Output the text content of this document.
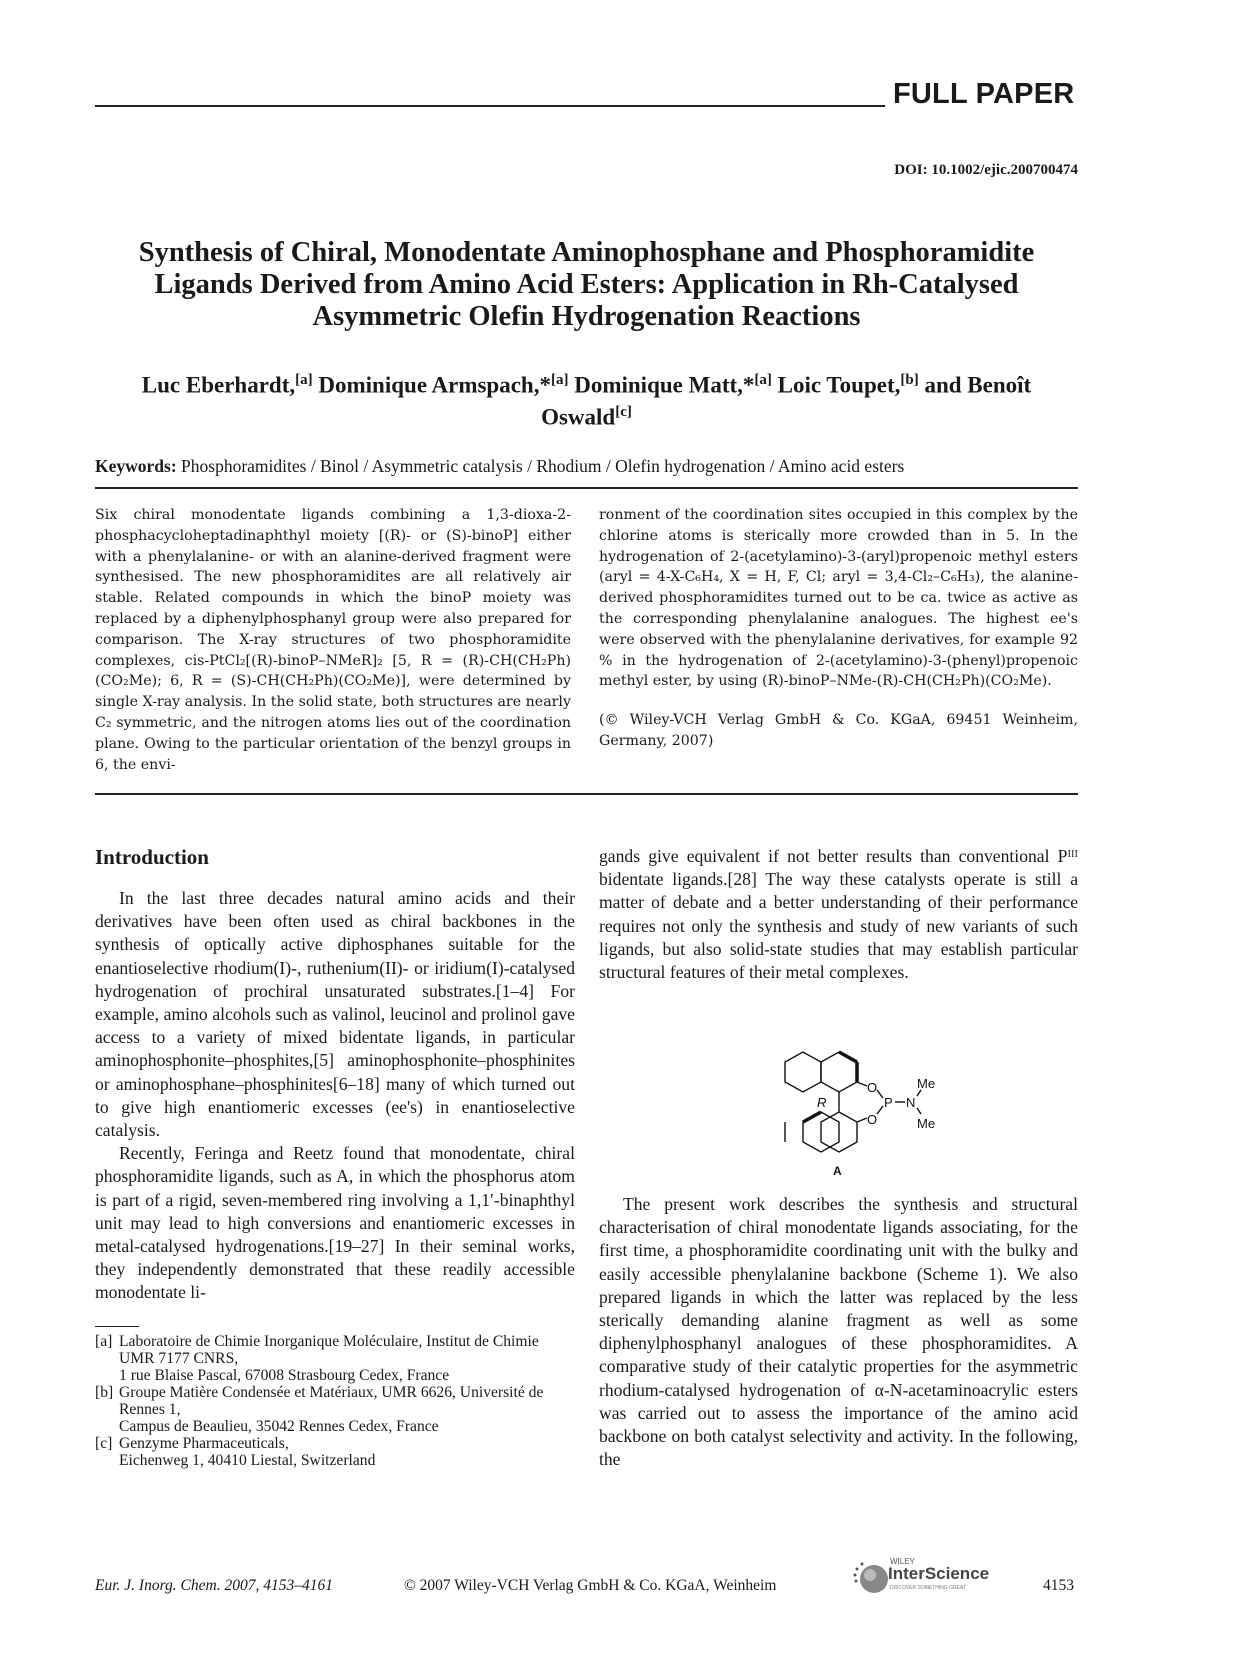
FULL PAPER
DOI: 10.1002/ejic.200700474
Synthesis of Chiral, Monodentate Aminophosphane and Phosphoramidite Ligands Derived from Amino Acid Esters: Application in Rh-Catalysed Asymmetric Olefin Hydrogenation Reactions
Luc Eberhardt,[a] Dominique Armspach,*[a] Dominique Matt,*[a] Loic Toupet,[b] and Benoît Oswald[c]
Keywords: Phosphoramidites / Binol / Asymmetric catalysis / Rhodium / Olefin hydrogenation / Amino acid esters

Six chiral monodentate ligands combining a 1,3-dioxa-2-phosphacycloheptadinaphthyl moiety [(R)- or (S)-binoP] either with a phenylalanine- or with an alanine-derived fragment were synthesised. The new phosphoramidites are all relatively air stable. Related compounds in which the binoP moiety was replaced by a diphenylphosphanyl group were also prepared for comparison. The X-ray structures of two phosphoramidite complexes, cis-PtCl₂[(R)-binoP–NMeR]₂ [5, R = (R)-CH(CH₂Ph)(CO₂Me); 6, R = (S)-CH(CH₂Ph)(CO₂Me)], were determined by single X-ray analysis. In the solid state, both structures are nearly C₂ symmetric, and the nitrogen atoms lies out of the coordination plane. Owing to the particular orientation of the benzyl groups in 6, the envi-

ronment of the coordination sites occupied in this complex by the chlorine atoms is sterically more crowded than in 5. In the hydrogenation of 2-(acetylamino)-3-(aryl)propenoic methyl esters (aryl = 4-X-C₆H₄, X = H, F, Cl; aryl = 3,4-Cl₂–C₆H₃), the alanine-derived phosphoramidites turned out to be ca. twice as active as the corresponding phenylalanine analogues. The highest ee's were observed with the phenylalanine derivatives, for example 92 % in the hydrogenation of 2-(acetylamino)-3-(phenyl)propenoic methyl ester, by using (R)-binoP–NMe-(R)-CH(CH₂Ph)(CO₂Me).

(© Wiley-VCH Verlag GmbH & Co. KGaA, 69451 Weinheim, Germany, 2007)

Introduction

In the last three decades natural amino acids and their derivatives have been often used as chiral backbones in the synthesis of optically active diphosphanes suitable for the enantioselective rhodium(I)-, ruthenium(II)- or iridium(I)-catalysed hydrogenation of prochiral unsaturated substrates.[1–4] For example, amino alcohols such as valinol, leucinol and prolinol gave access to a variety of mixed bidentate ligands, in particular aminophosphonite–phosphites,[5] aminophosphonite–phosphinites or aminophosphane–phosphinites[6–18] many of which turned out to give high enantiomeric excesses (ee's) in enantioselective catalysis.

Recently, Feringa and Reetz found that monodentate, chiral phosphoramidite ligands, such as A, in which the phosphorus atom is part of a rigid, seven-membered ring involving a 1,1′-binaphthyl unit may lead to high conversions and enantiomeric excesses in metal-catalysed hydrogenations.[19–27] In their seminal works, they independently demonstrated that these readily accessible monodentate li-

gands give equivalent if not better results than conventional Pᴵᴵᴵ bidentate ligands.[28] The way these catalysts operate is still a matter of debate and a better understanding of their performance requires not only the synthesis and study of new variants of such ligands, but also solid-state studies that may establish particular structural features of their metal complexes.

O
O
P N
Me
Me
R
A

The present work describes the synthesis and structural characterisation of chiral monodentate ligands associating, for the first time, a phosphoramidite coordinating unit with the bulky and easily accessible phenylalanine backbone (Scheme 1). We also prepared ligands in which the latter was replaced by the less sterically demanding alanine fragment as well as some diphenylphosphanyl analogues of these phosphoramidites. A comparative study of their catalytic properties for the asymmetric rhodium-catalysed hydrogenation of α-N-acetaminoacrylic esters was carried out to assess the importance of the amino acid backbone on both catalyst selectivity and activity. In the following, the

[a] Laboratoire de Chimie Inorganique Moléculaire, Institut de Chimie UMR 7177 CNRS,
1 rue Blaise Pascal, 67008 Strasbourg Cedex, France
[b] Groupe Matière Condensée et Matériaux, UMR 6626, Université de Rennes 1,
Campus de Beaulieu, 35042 Rennes Cedex, France
[c] Genzyme Pharmaceuticals,
Eichenweg 1, 40410 Liestal, Switzerland
Eur. J. Inorg. Chem. 2007, 4153–4161	© 2007 Wiley-VCH Verlag GmbH & Co. KGaA, Weinheim
WILEY
InterScience
DISCOVER SOMETHING GREAT	4153
